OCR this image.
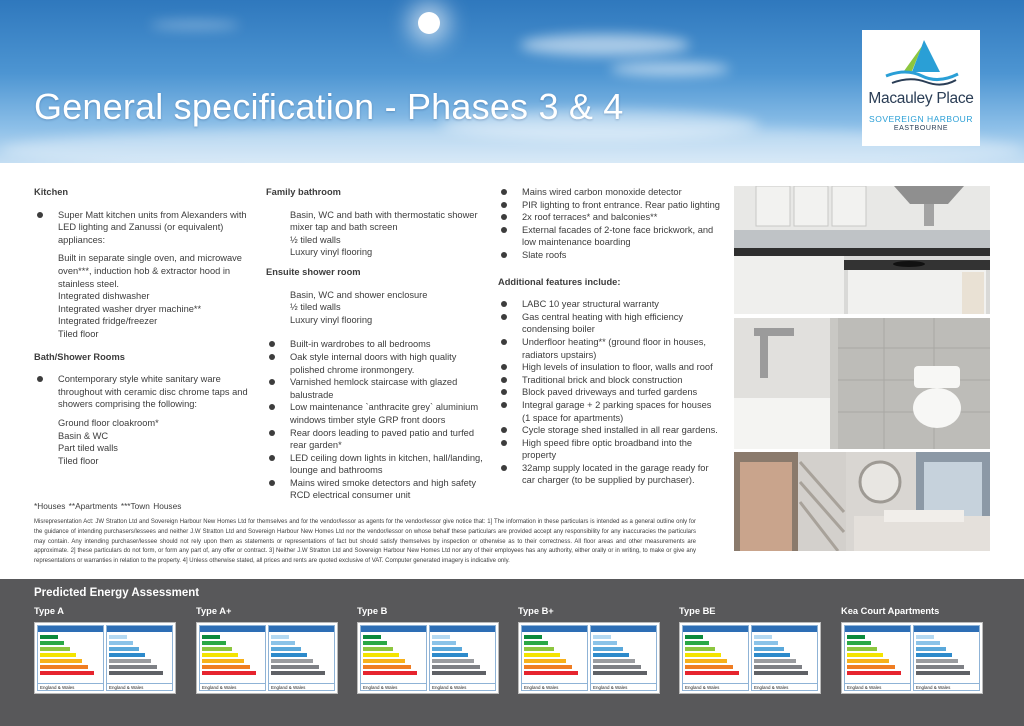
General specification - Phases 3 & 4	Macauley Place
SOVEREIGN HARBOUR
EASTBOURNE
Kitchen
Super Matt kitchen units from Alexanders with LED lighting and Zanussi (or equivalent) appliances:
Built in separate single oven, and microwave oven***, induction hob & extractor hood in stainless steel.
Integrated dishwasher
Integrated washer dryer machine**
Integrated fridge/freezer
Tiled floor
Bath/Shower Rooms
Contemporary style white sanitary ware throughout with ceramic disc chrome taps and showers comprising the following:
Ground floor cloakroom*
Basin & WC
Part tiled walls
Tiled floor
Family bathroom
Basin, WC and bath with thermostatic shower mixer tap and bath screen
½ tiled walls
Luxury vinyl flooring
Ensuite shower room
Basin, WC and shower enclosure
½ tiled walls
Luxury vinyl flooring
Built-in wardrobes to all bedrooms
Oak style internal doors with high quality polished chrome ironmongery.
Varnished hemlock staircase with glazed balustrade
Low maintenance `anthracite grey` aluminium windows timber style GRP front doors
Rear doors leading to paved patio and turfed rear garden*
LED ceiling down lights in kitchen, hall/landing, lounge and bathrooms
Mains wired smoke detectors and high safety RCD electrical consumer unit
Mains wired carbon monoxide detector
PIR lighting to front entrance. Rear patio lighting
2x roof terraces* and balconies**
External facades of 2-tone face brickwork, and low maintenance boarding
Slate roofs
Additional features include:
LABC 10 year structural warranty
Gas central heating with high efficiency condensing boiler
Underfloor heating** (ground floor in houses, radiators upstairs)
High levels of insulation to floor, walls and roof
Traditional brick and block construction
Block paved driveways and turfed gardens
Integral garage + 2 parking spaces for houses (1 space for apartments)
Cycle storage shed installed in all rear gardens.
High speed fibre optic broadband into the property
32amp supply located in the garage ready for car charger (to be supplied by purchaser).
*Houses **Apartments ***Town Houses
Misrepresentation Act: JW Stratton Ltd and Sovereign Harbour New Homes Ltd for themselves and for the vendor/lessor as agents for the vendor/lessor give notice that: 1] The information in these particulars is intended as a general outline only for the guidance of intending purchasers/lessees and neither J.W Stratton Ltd and Sovereign Harbour New Homes Ltd nor the vendor/lessor on whose behalf these particulars are provided accept any responsibility for any inaccuracies the particulars may contain. Any intending purchaser/lessee should not rely upon them as statements or representations of fact but should satisfy themselves by inspection or otherwise as to their correctness. All floor areas and other measurements are approximate. 2] these particulars do not form, or form any part of, any offer or contract. 3] Neither J.W Stratton Ltd and Sovereign Harbour New Homes Ltd nor any of their employees has any authority, either orally or in writing, to make or give any representations or warranties in relation to the property. 4] Unless otherwise stated, all prices and rents are quoted exclusive of VAT. Computer generated imagery is indicative only.
Predicted Energy Assessment
Type A
England & Wales	England & Wales
Type A+
England & Wales	England & Wales
Type B
England & Wales	England & Wales
Type B+
England & Wales	England & Wales
Type BE
England & Wales	England & Wales
Kea Court Apartments
England & Wales	England & Wales
